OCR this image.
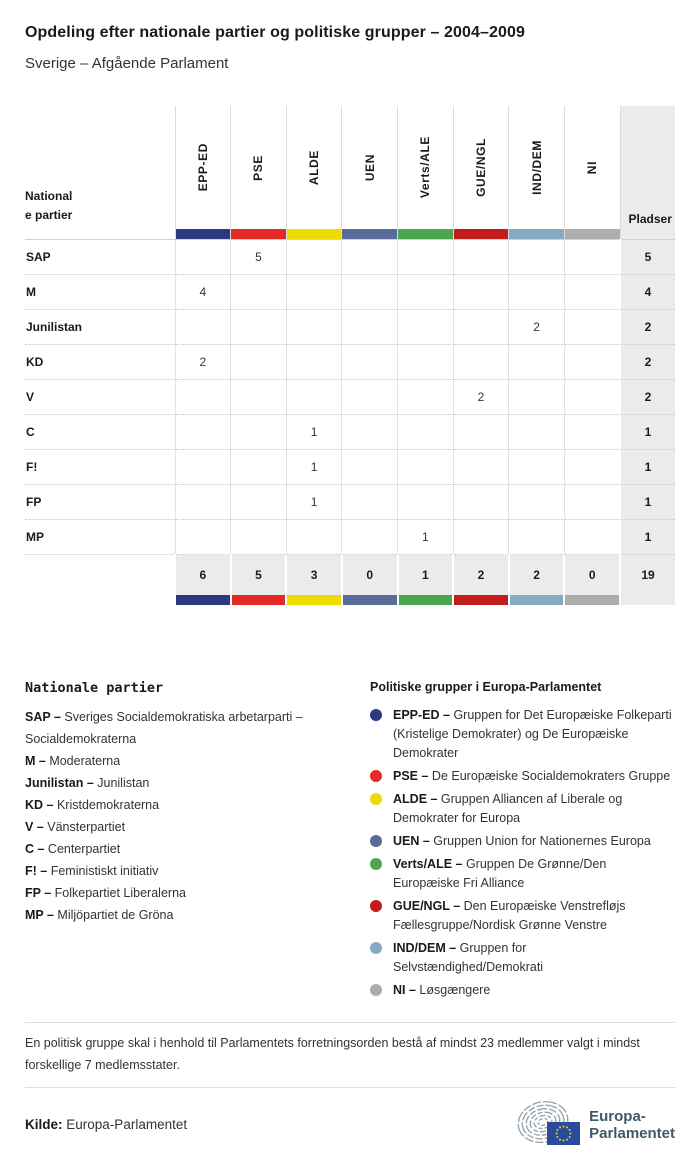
Opdeling efter nationale partier og politiske grupper – 2004–2009
Sverige – Afgående Parlament
National
e partier	EPP-ED	PSE	ALDE	UEN	Verts/ALE	GUE/NGL	IND/DEM	NI	Pladser

SAP		5							5
M	4								4
Junilistan							2		2
KD	2								2
V						2			2
C			1						1
F!			1						1
FP			1						1
MP					1				1
	6	5	3	0	1	2	2	0	19

Nationale partier

SAP – Sveriges Socialdemokratiska arbetarparti – Socialdemokraterna

M – Moderaterna

Junilistan – Junilistan

KD – Kristdemokraterna

V – Vänsterpartiet

C – Centerpartiet

F! – Feministiskt initiativ

FP – Folkepartiet Liberalerna

MP – Miljöpartiet de Gröna

Politiske grupper i Europa-Parlamentet
EPP-ED – Gruppen for Det Europæiske Folkeparti (Kristelige Demokrater) og De Europæiske Demokrater
PSE – De Europæiske Socialdemokraters Gruppe
ALDE – Gruppen Alliancen af Liberale og Demokrater for Europa
UEN – Gruppen Union for Nationernes Europa
Verts/ALE – Gruppen De Grønne/Den Europæiske Fri Alliance
GUE/NGL – Den Europæiske Venstrefløjs Fællesgruppe/Nordisk Grønne Venstre
IND/DEM – Gruppen for Selvstændighed/Demokrati
NI – Løsgængere

En politisk gruppe skal i henhold til Parlamentets forretningsorden bestå af mindst 23 medlemmer valgt i mindst forskellige 7 medlemsstater.

Kilde: Europa-Parlamentet	Europa-
Parlamentet
